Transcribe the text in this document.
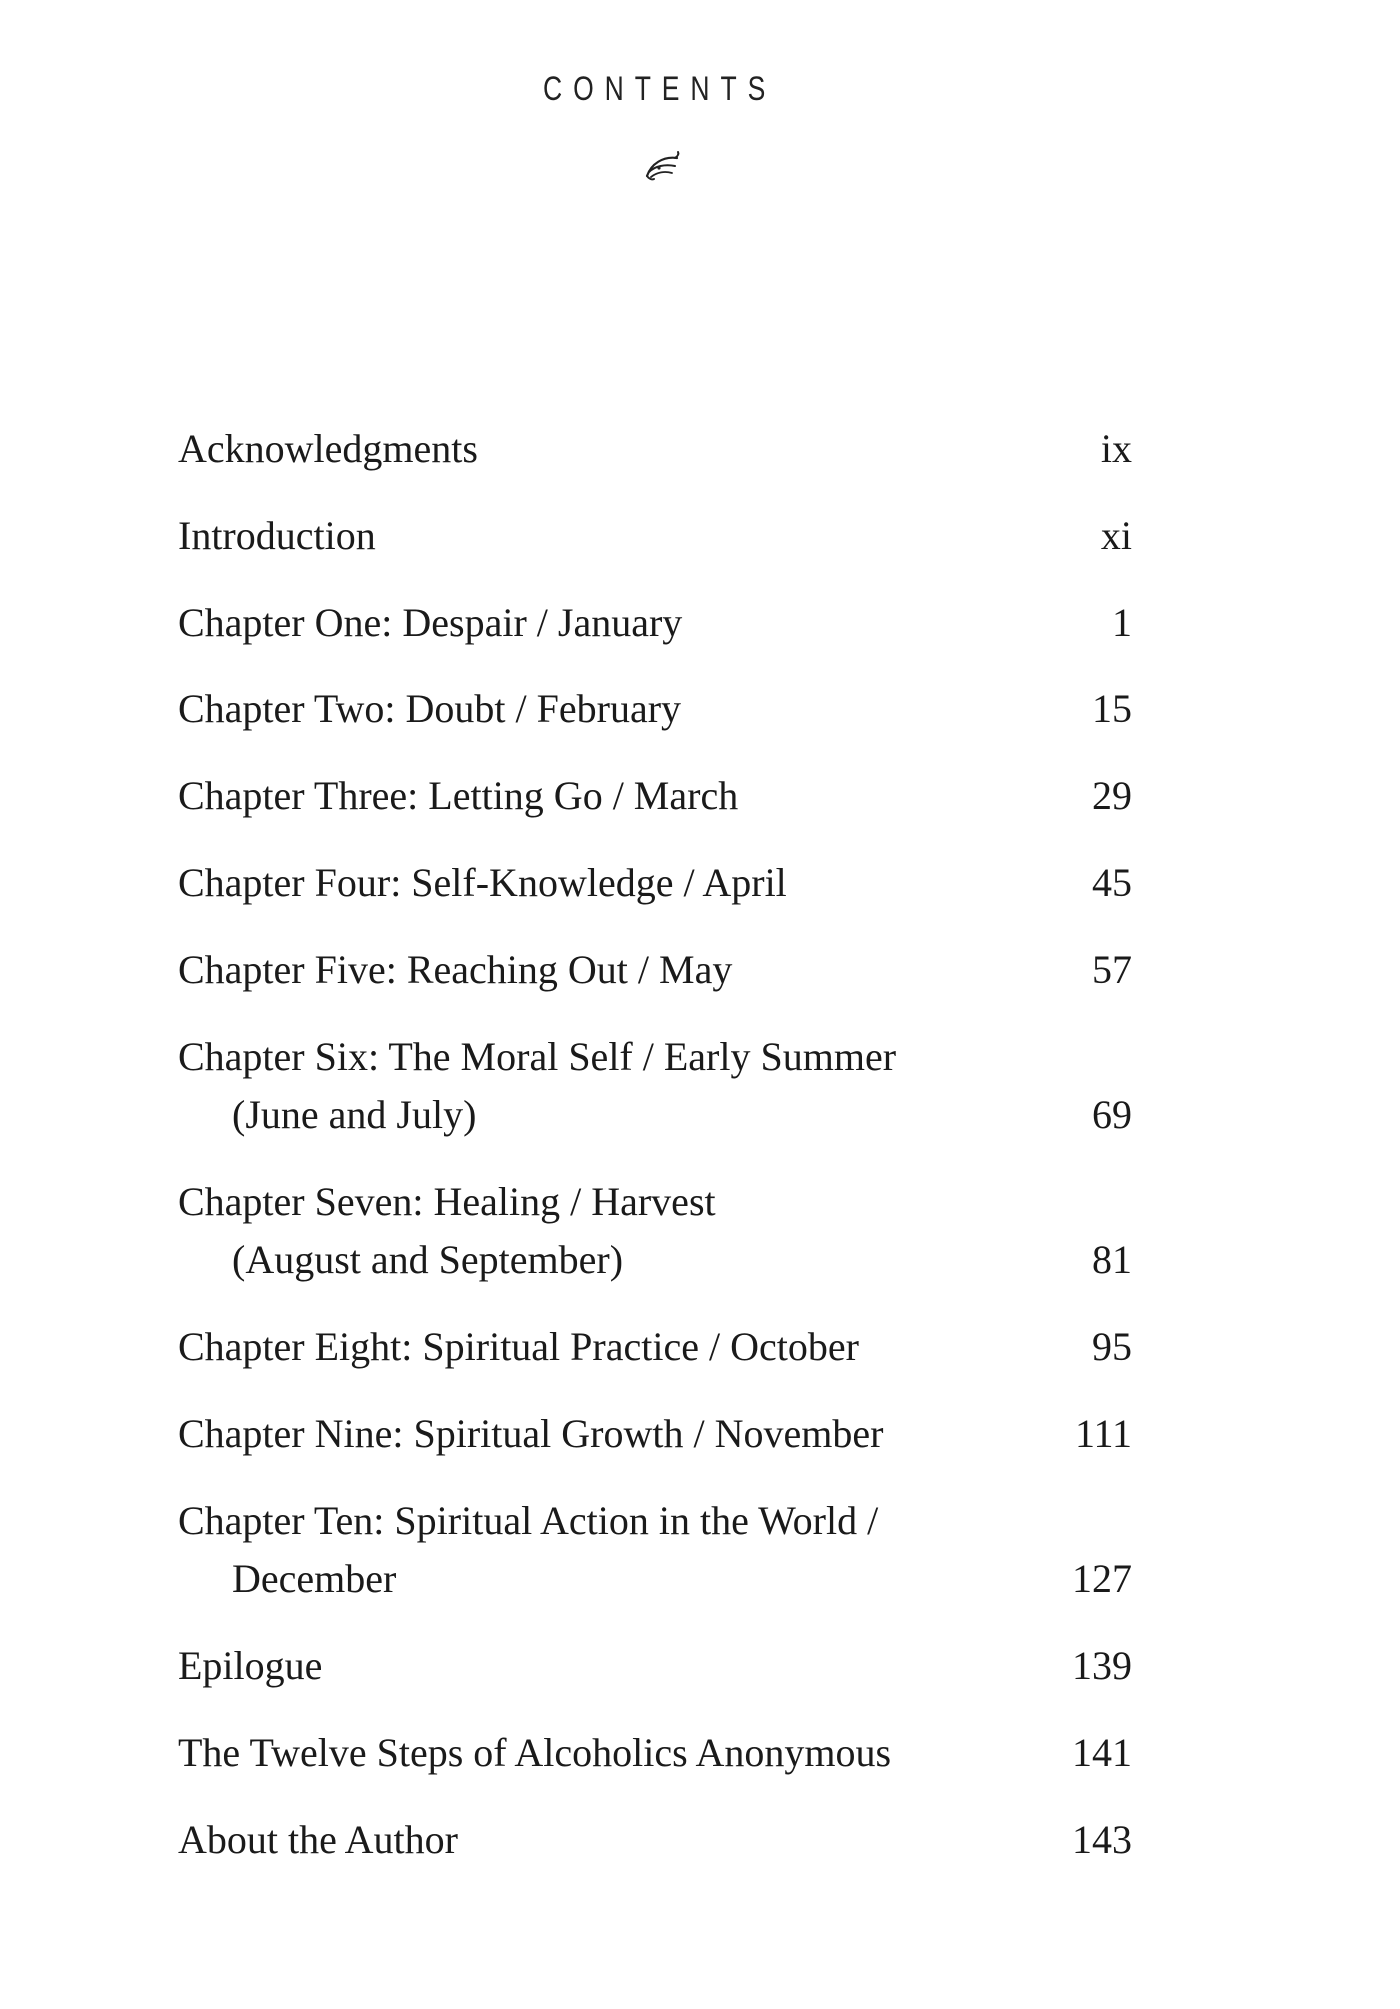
CONTENTS
Acknowledgments	ix
Introduction	xi
Chapter One: Despair / January	1
Chapter Two: Doubt / February	15
Chapter Three: Letting Go / March	29
Chapter Four: Self-Knowledge / April	45
Chapter Five: Reaching Out / May	57
Chapter Six: The Moral Self / Early Summer
(June and July)	69
Chapter Seven: Healing / Harvest
(August and September)	81
Chapter Eight: Spiritual Practice / October	95
Chapter Nine: Spiritual Growth / November	111
Chapter Ten: Spiritual Action in the World /
December	127
Epilogue	139
The Twelve Steps of Alcoholics Anonymous	141
About the Author	143
